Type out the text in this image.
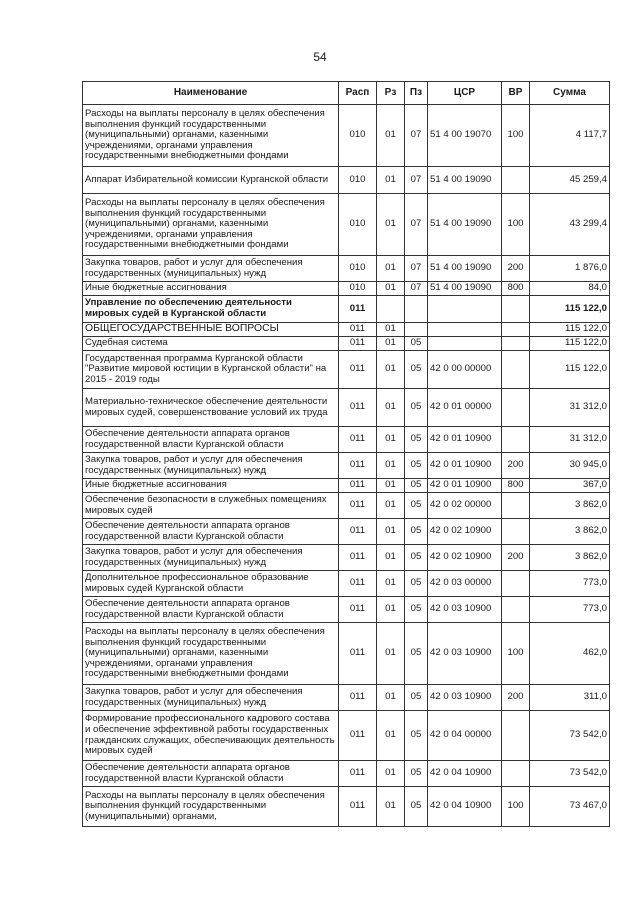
54
Наименование	Расп	Рз	Пз	ЦСР	ВР	Сумма
Расходы на выплаты персоналу в целях обеспечения выполнения функций государственными (муниципальными) органами, казенными учреждениями, органами управления государственными внебюджетными фондами	010	01	07	51 4 00 19070	100	4 117,7
Аппарат Избирательной комиссии Курганской области	010	01	07	51 4 00 19090		45 259,4
Расходы на выплаты персоналу в целях обеспечения выполнения функций государственными (муниципальными) органами, казенными учреждениями, органами управления государственными внебюджетными фондами	010	01	07	51 4 00 19090	100	43 299,4
Закупка товаров, работ и услуг для обеспечения государственных (муниципальных) нужд	010	01	07	51 4 00 19090	200	1 876,0
Иные бюджетные ассигнования	010	01	07	51 4 00 19090	800	84,0
Управление по обеспечению деятельности мировых судей в Курганской области	011					115 122,0
ОБЩЕГОСУДАРСТВЕННЫЕ ВОПРОСЫ	011	01				115 122,0
Судебная система	011	01	05			115 122,0
Государственная программа Курганской области "Развитие мировой юстиции в Курганской области" на 2015 - 2019 годы	011	01	05	42 0 00 00000		115 122,0
Материально-техническое обеспечение деятельности мировых судей, совершенствование условий их труда	011	01	05	42 0 01 00000		31 312,0
Обеспечение деятельности аппарата органов государственной власти Курганской области	011	01	05	42 0 01 10900		31 312,0
Закупка товаров, работ и услуг для обеспечения государственных (муниципальных) нужд	011	01	05	42 0 01 10900	200	30 945,0
Иные бюджетные ассигнования	011	01	05	42 0 01 10900	800	367,0
Обеспечение безопасности в служебных помещениях мировых судей	011	01	05	42 0 02 00000		3 862,0
Обеспечение деятельности аппарата органов государственной власти Курганской области	011	01	05	42 0 02 10900		3 862,0
Закупка товаров, работ и услуг для обеспечения государственных (муниципальных) нужд	011	01	05	42 0 02 10900	200	3 862,0
Дополнительное профессиональное образование мировых судей Курганской области	011	01	05	42 0 03 00000		773,0
Обеспечение деятельности аппарата органов государственной власти Курганской области	011	01	05	42 0 03 10900		773,0
Расходы на выплаты персоналу в целях обеспечения выполнения функций государственными (муниципальными) органами, казенными учреждениями, органами управления государственными внебюджетными фондами	011	01	05	42 0 03 10900	100	462,0
Закупка товаров, работ и услуг для обеспечения государственных (муниципальных) нужд	011	01	05	42 0 03 10900	200	311,0
Формирование профессионального кадрового состава и обеспечение эффективной работы государственных гражданских служащих, обеспечивающих деятельность мировых судей	011	01	05	42 0 04 00000		73 542,0
Обеспечение деятельности аппарата органов государственной власти Курганской области	011	01	05	42 0 04 10900		73 542,0
Расходы на выплаты персоналу в целях обеспечения выполнения функций государственными (муниципальными) органами,	011	01	05	42 0 04 10900	100	73 467,0
